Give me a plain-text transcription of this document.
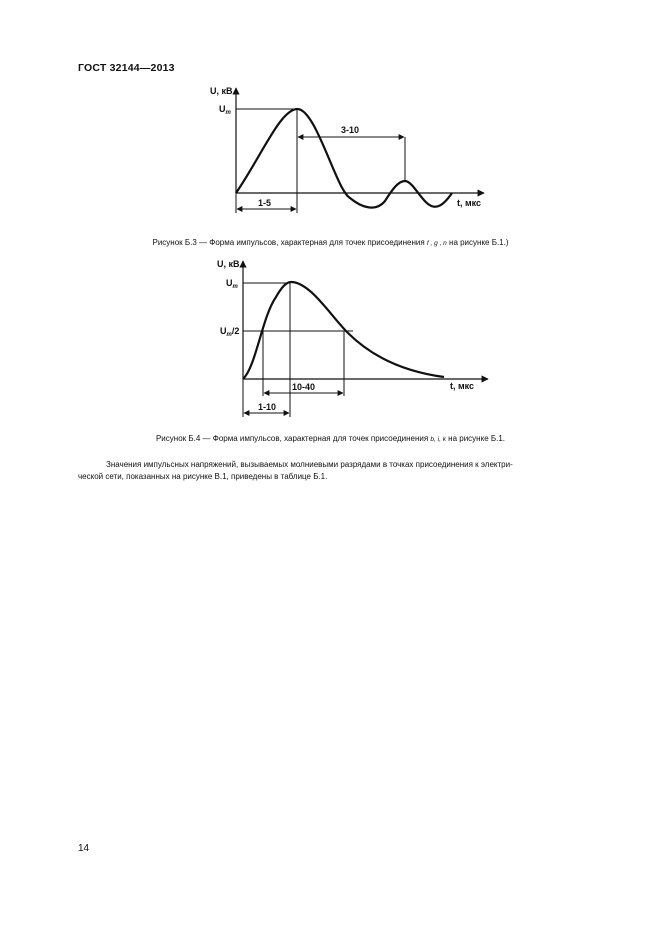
ГОСТ 32144—2013
U, кВ
$U_m$
3-10
1-5	t, мкс
Рисунок Б.3 — Форма импульсов, характерная для точек присоединения f , g , n на рисунке Б.1.)
U, кВ
$U_m$
$U_m/2$
10-40
1-10
t, мкс
Рисунок Б.4 — Форма импульсов, характерная для точек присоединения b, i, k на рисунке Б.1.
Значения импульсных напряжений, вызываемых молниевыми разрядами в точках присоединения к электри-
ческой сети, показанных на рисунке В.1, приведены в таблице Б.1.
14
